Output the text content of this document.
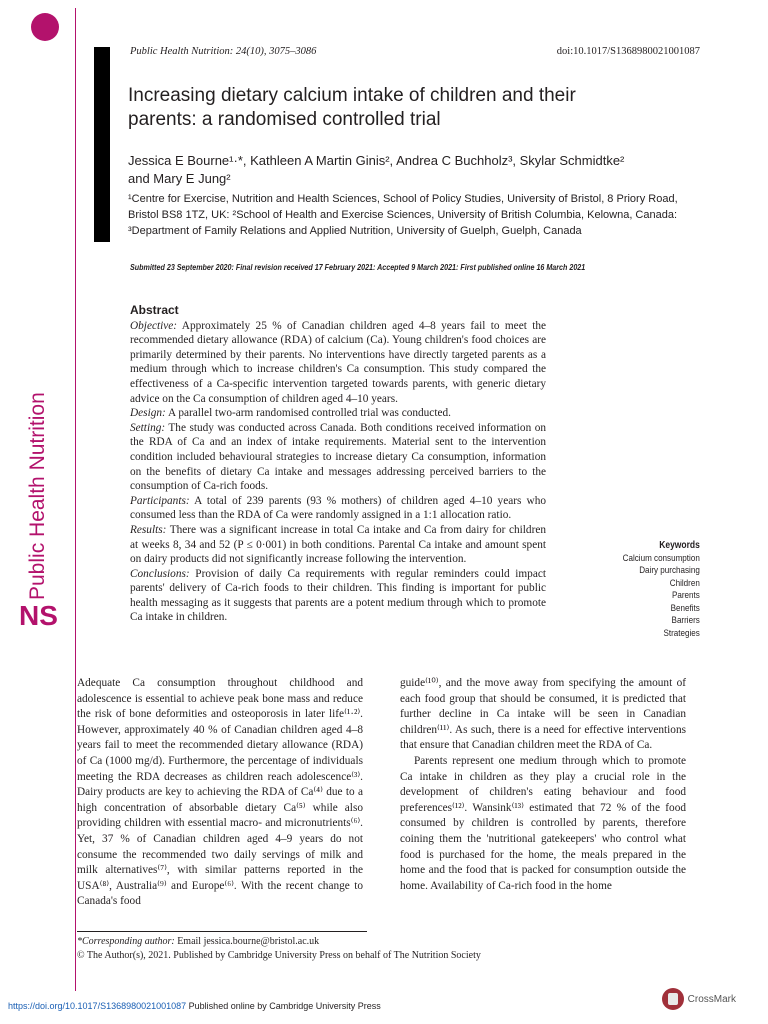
Public Health Nutrition
NS
Public Health Nutrition: 24(10), 3075–3086	doi:10.1017/S1368980021001087
Increasing dietary calcium intake of children and their parents: a randomised controlled trial
Jessica E Bourne¹·*, Kathleen A Martin Ginis², Andrea C Buchholz³, Skylar Schmidtke²
and Mary E Jung²
¹Centre for Exercise, Nutrition and Health Sciences, School of Policy Studies, University of Bristol, 8 Priory Road, Bristol BS8 1TZ, UK: ²School of Health and Exercise Sciences, University of British Columbia, Kelowna, Canada: ³Department of Family Relations and Applied Nutrition, University of Guelph, Guelph, Canada
Submitted 23 September 2020: Final revision received 17 February 2021: Accepted 9 March 2021: First published online 16 March 2021
Abstract

Objective: Approximately 25 % of Canadian children aged 4–8 years fail to meet the recommended dietary allowance (RDA) of calcium (Ca). Young children's food choices are primarily determined by their parents. No interventions have directly targeted parents as a medium through which to increase children's Ca consumption. This study compared the effectiveness of a Ca-specific intervention targeted towards parents, with generic dietary advice on the Ca consumption of children aged 4–10 years.

Design: A parallel two-arm randomised controlled trial was conducted.

Setting: The study was conducted across Canada. Both conditions received information on the RDA of Ca and an index of intake requirements. Material sent to the intervention condition included behavioural strategies to increase dietary Ca consumption, information on the benefits of dietary Ca intake and messages addressing perceived barriers to the consumption of Ca-rich foods.

Participants: A total of 239 parents (93 % mothers) of children aged 4–10 years who consumed less than the RDA of Ca were randomly assigned in a 1:1 allocation ratio.

Results: There was a significant increase in total Ca intake and Ca from dairy for children at weeks 8, 34 and 52 (P ≤ 0·001) in both conditions. Parental Ca intake and amount spent on dairy products did not significantly increase following the intervention.

Conclusions: Provision of daily Ca requirements with regular reminders could impact parents' delivery of Ca-rich foods to their children. This finding is important for public health messaging as it suggests that parents are a potent medium through which to promote Ca intake in children.

Keywords
Calcium consumption
Dairy purchasing
Children
Parents
Benefits
Barriers
Strategies

Adequate Ca consumption throughout childhood and adolescence is essential to achieve peak bone mass and reduce the risk of bone deformities and osteoporosis in later life⁽¹·²⁾. However, approximately 40 % of Canadian children aged 4–8 years fail to meet the recommended dietary allowance (RDA) of Ca (1000 mg/d). Furthermore, the percentage of individuals meeting the RDA decreases as children reach adolescence⁽³⁾. Dairy products are key to achieving the RDA of Ca⁽⁴⁾ due to a high concentration of absorbable dietary Ca⁽⁵⁾ while also providing children with essential macro- and micronutrients⁽⁶⁾. Yet, 37 % of Canadian children aged 4–9 years do not consume the recommended two daily servings of milk and milk alternatives⁽⁷⁾, with similar patterns reported in the USA⁽⁸⁾, Australia⁽⁹⁾ and Europe⁽⁶⁾. With the recent change to Canada's food

guide⁽¹⁰⁾, and the move away from specifying the amount of each food group that should be consumed, it is predicted that further decline in Ca intake will be seen in Canadian children⁽¹¹⁾. As such, there is a need for effective interventions that ensure that Canadian children meet the RDA of Ca.

Parents represent one medium through which to promote Ca intake in children as they play a crucial role in the development of children's eating behaviour and food preferences⁽¹²⁾. Wansink⁽¹³⁾ estimated that 72 % of the food consumed by children is controlled by parents, therefore coining them the 'nutritional gatekeepers' who control what food is purchased for the home, the meals prepared in the home and the food that is packed for consumption outside the home. Availability of Ca-rich food in the home

*Corresponding author: Email jessica.bourne@bristol.ac.uk
© The Author(s), 2021. Published by Cambridge University Press on behalf of The Nutrition Society
https://doi.org/10.1017/S1368980021001087 Published online by Cambridge University Press
CrossMark
